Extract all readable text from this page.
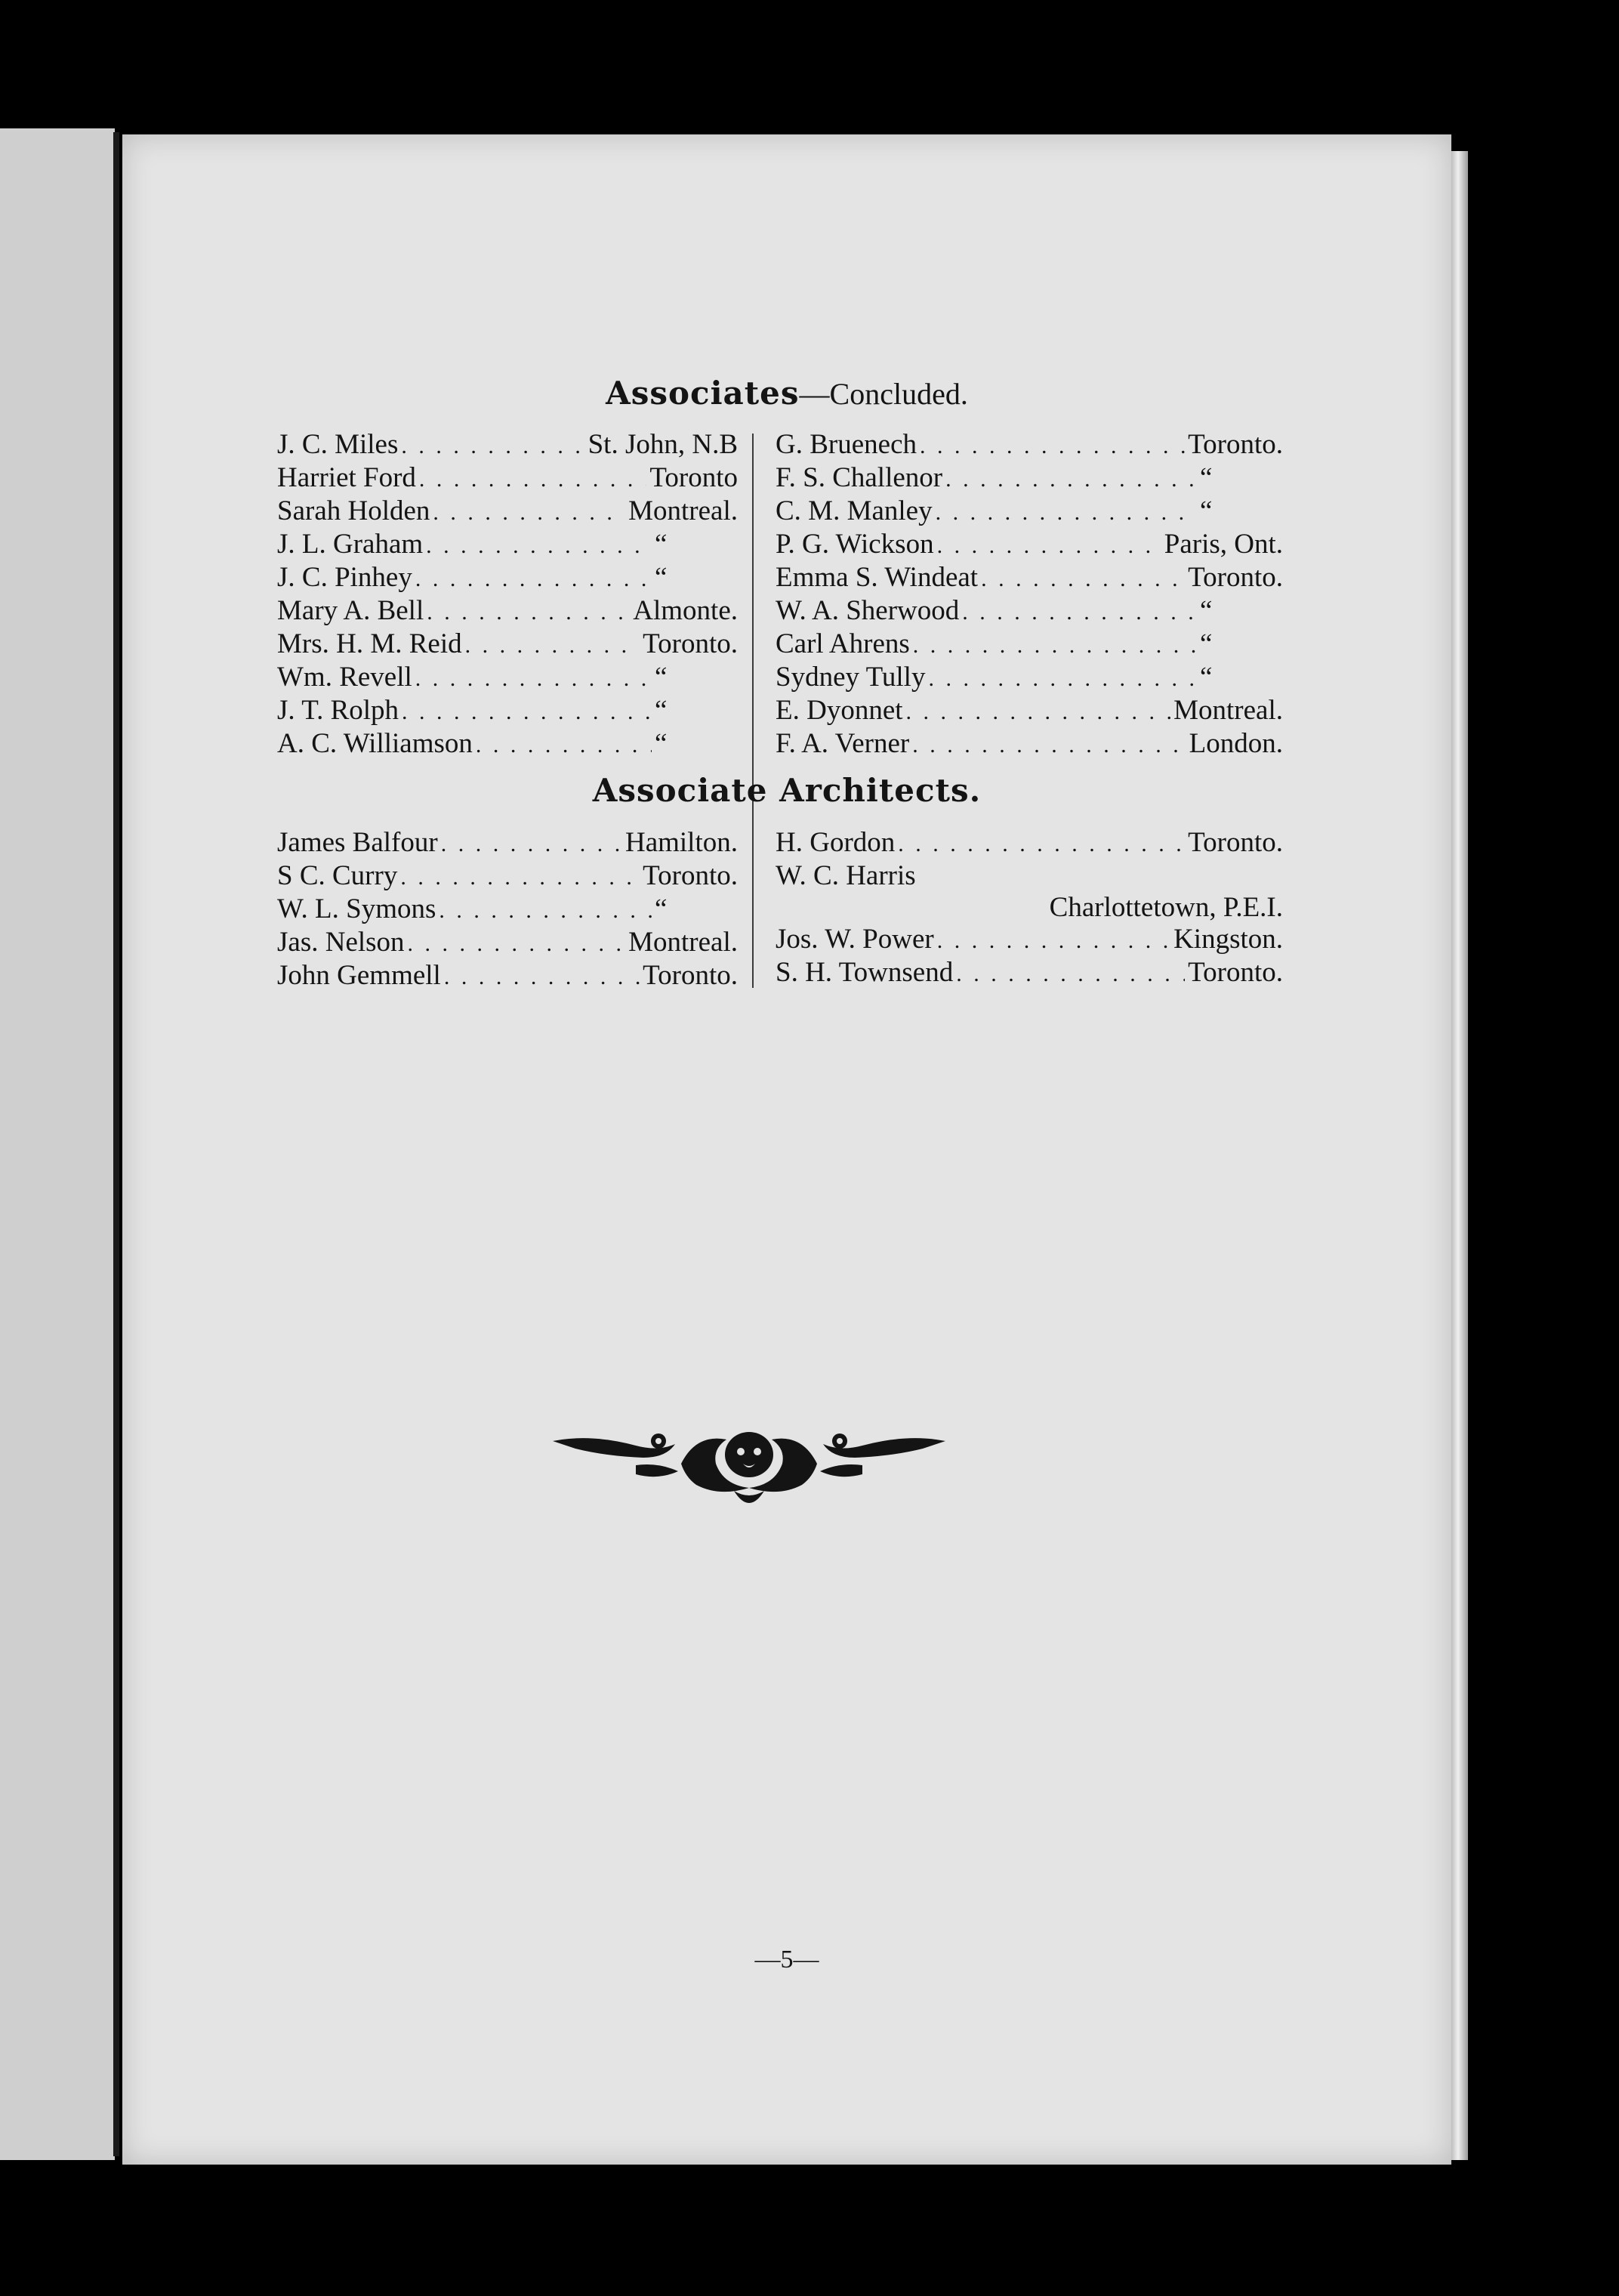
Associates—Concluded.
J. C. Miles . . .	St. John, N.B
Harriet Ford . . .	Toronto
Sarah Holden . . .	Montreal.
J. L. Graham . . .	“
J. C. Pinhey . . .	“
Mary A. Bell . . .	Almonte.
Mrs. H. M. Reid . . .	Toronto.
Wm. Revell . . .	“
J. T. Rolph . . .	“
A. C. Williamson . . .	“
G. Bruenech . . .	Toronto.
F. S. Challenor . . .	“
C. M. Manley . . .	“
P. G. Wickson . . .	Paris, Ont.
Emma S. Windeat . . .	Toronto.
W. A. Sherwood . . .	“
Carl Ahrens . . .	“
Sydney Tully . . .	“
E. Dyonnet . . .	Montreal.
F. A. Verner . . .	London.
Associate Architects.
James Balfour . . .	Hamilton.
S C. Curry . . .	Toronto.
W. L. Symons . . .	“
Jas. Nelson . . .	Montreal.
John Gemmell . . .	Toronto.
H. Gordon . . .	Toronto.
W. C. Harris
Charlottetown, P.E.I.
Jos. W. Power . . .	Kingston.
S. H. Townsend . . .	Toronto.
—5—
